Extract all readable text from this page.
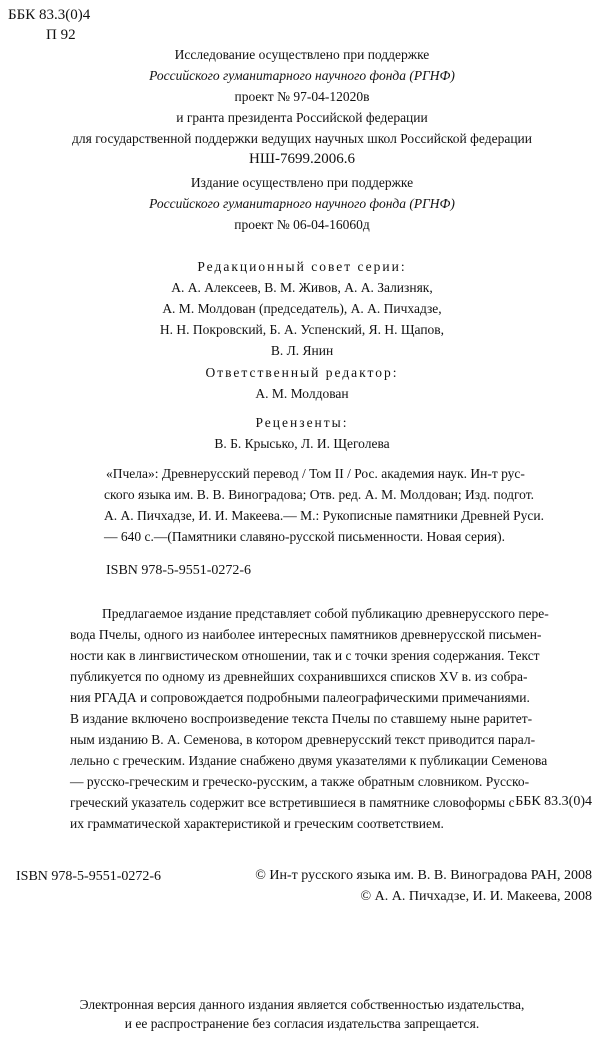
ББК 83.3(0)4
П 92
Исследование осуществлено при поддержке
Российского гуманитарного научного фонда (РГНФ)
проект № 97-04-12020в
и гранта президента Российской федерации
для государственной поддержки ведущих научных школ Российской федерации
НШ-7699.2006.6
Издание осуществлено при поддержке
Российского гуманитарного научного фонда (РГНФ)
проект № 06-04-16060д
Редакционный совет серии:
А. А. Алексеев, В. М. Живов, А. А. Зализняк,
А. М. Молдован (председатель), А. А. Пичхадзе,
Н. Н. Покровский, Б. А. Успенский, Я. Н. Щапов,
В. Л. Янин
Ответственный редактор:
А. М. Молдован
Рецензенты:
В. Б. Крысько, Л. И. Щеголева
«Пчела»: Древнерусский перевод / Том II / Рос. академия наук. Ин-т рус-
ского языка им. В. В. Виноградова; Отв. ред. А. М. Молдован; Изд. подгот.
А. А. Пичхадзе, И. И. Макеева.— М.: Рукописные памятники Древней Руси.
— 640 с.—(Памятники славяно-русской письменности. Новая серия).
ISBN 978-5-9551-0272-6
Предлагаемое издание представляет собой публикацию древнерусского пере-
вода Пчелы, одного из наиболее интересных памятников древнерусской письмен-
ности как в лингвистическом отношении, так и с точки зрения содержания. Текст
публикуется по одному из древнейших сохранившихся списков XV в. из собра-
ния РГАДА и сопровождается подробными палеографическими примечаниями.
В издание включено воспроизведение текста Пчелы по ставшему ныне раритет-
ным изданию В. А. Семенова, в котором древнерусский текст приводится парал-
лельно с греческим. Издание снабжено двумя указателями к публикации Семенова
— русско-греческим и греческо-русским, а также обратным словником. Русско-
греческий указатель содержит все встретившиеся в памятнике словоформы с
их грамматической характеристикой и греческим соответствием.
ББК 83.3(0)4
ISBN 978-5-9551-0272-6	© Ин-т русского языка им. В. В. Виноградова РАН, 2008
© А. А. Пичхадзе, И. И. Макеева, 2008
Электронная версия данного издания является собственностью издательства,
и ее распространение без согласия издательства запрещается.
